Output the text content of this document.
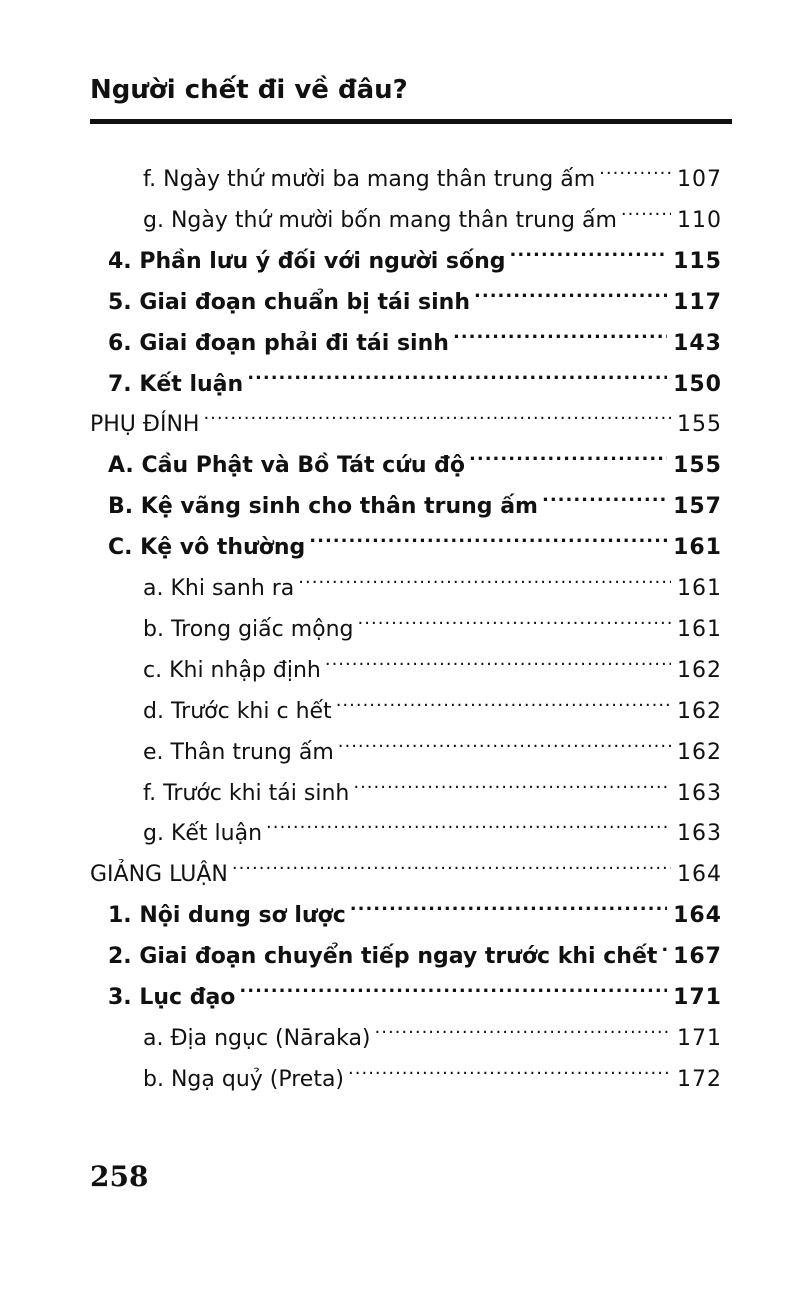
Người chết đi về đâu?
f. Ngày thứ mười ba mang thân trung ấm .....	107
g. Ngày thứ mười bốn mang thân trung ấm .....	110
4. Phần lưu ý đối với người sống .....	115
5. Giai đoạn chuẩn bị tái sinh .....	117
6. Giai đoạn phải đi tái sinh .....	143
7. Kết luận .....	150
PHỤ ĐÍNH .....	155
A. Cầu Phật và Bồ Tát cứu độ .....	155
B. Kệ vãng sinh cho thân trung ấm .....	157
C. Kệ vô thường .....	161
a. Khi sanh ra .....	161
b. Trong giấc mộng .....	161
c. Khi nhập định .....	162
d. Trước khi c hết .....	162
e. Thân trung ấm .....	162
f. Trước khi tái sinh .....	163
g. Kết luận .....	163
GIẢNG LUẬN .....	164
1. Nội dung sơ lược .....	164
2. Giai đoạn chuyển tiếp ngay trước khi chết ..... 167
3. Lục đạo .....	171
a. Địa ngục (Nāraka) .....	171
b. Ngạ quỷ (Preta) .....	172
258
